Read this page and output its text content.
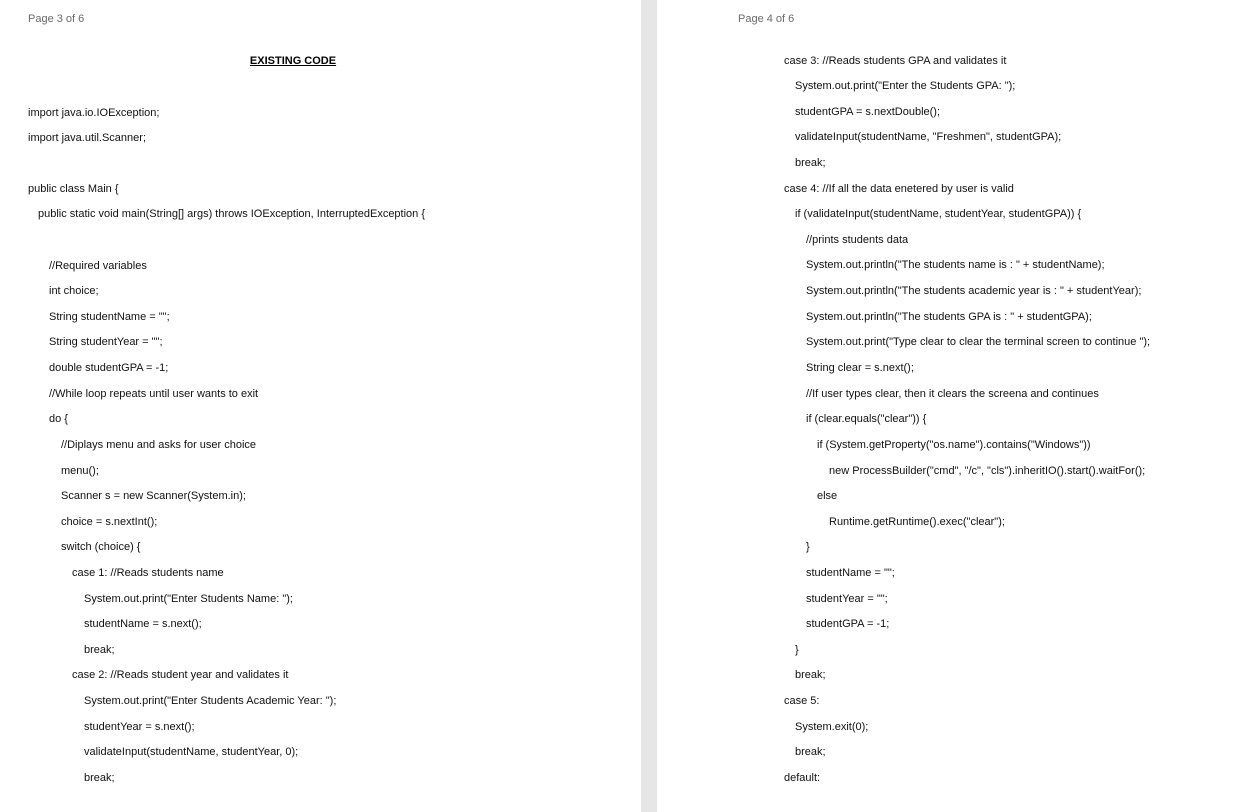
Page 3 of 6
EXISTING CODE
import java.io.IOException;
import java.util.Scanner;
public class Main {
public static void main(String[] args) throws IOException, InterruptedException {
//Required variables
int choice;
String studentName = "";
String studentYear = "";
double studentGPA = -1;
//While loop repeats until user wants to exit
do {
//Diplays menu and asks for user choice
menu();
Scanner s = new Scanner(System.in);
choice = s.nextInt();
switch (choice) {
case 1: //Reads students name
System.out.print("Enter Students Name: ");
studentName = s.next();
break;
case 2: //Reads student year and validates it
System.out.print("Enter Students Academic Year: ");
studentYear = s.next();
validateInput(studentName, studentYear, 0);
break;
Page 4 of 6
case 3: //Reads students GPA and validates it
System.out.print("Enter the Students GPA: ");
studentGPA = s.nextDouble();
validateInput(studentName, "Freshmen", studentGPA);
break;
case 4: //If all the data enetered by user is valid
if (validateInput(studentName, studentYear, studentGPA)) {
//prints students data
System.out.println("The students name is : " + studentName);
System.out.println("The students academic year is : " + studentYear);
System.out.println("The students GPA is : " + studentGPA);
System.out.print("Type clear to clear the terminal screen to continue ");
String clear = s.next();
//If user types clear, then it clears the screena and continues
if (clear.equals("clear")) {
if (System.getProperty("os.name").contains("Windows"))
new ProcessBuilder("cmd", "/c", "cls").inheritIO().start().waitFor();
else
Runtime.getRuntime().exec("clear");
}
studentName = "";
studentYear = "";
studentGPA = -1;
}
break;
case 5:
System.exit(0);
break;
default:
